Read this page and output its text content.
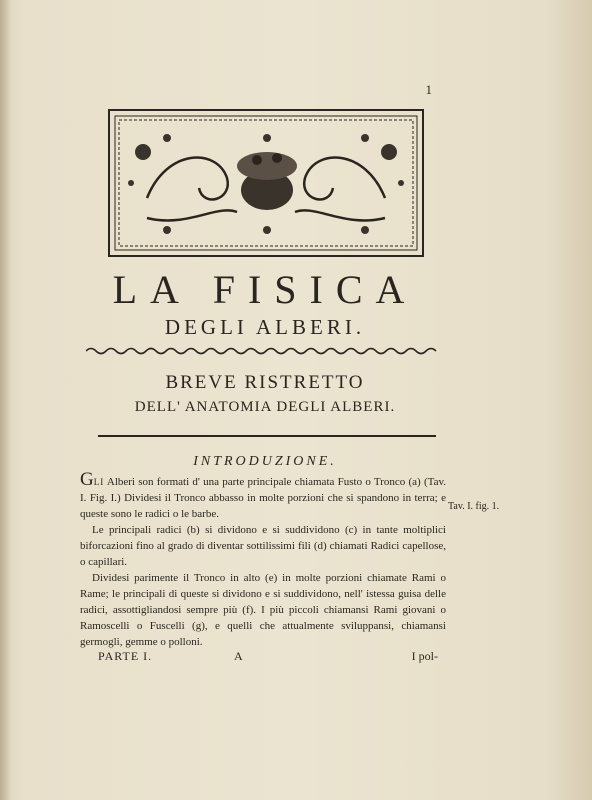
1
LA FISICA
DEGLI ALBERI.
BREVE RISTRETTO
DELL' ANATOMIA DEGLI ALBERI.
INTRODUZIONE.

GLI Alberi son formati d' una parte principale chiamata Fusto o Tronco (a) (Tav. I. Fig. I.) Dividesi il Tronco abbasso in molte porzioni che si spandono in terra; e queste sono le radici o le barbe.

Le principali radici (b) si dividono e si suddividono (c) in tante moltiplici biforcazioni fino al grado di diventar sottilissimi fili (d) chiamati Radici capellose, o capillari.

Dividesi parimente il Tronco in alto (e) in molte porzioni chiamate Rami o Rame; le principali di queste si dividono e si suddividono, nell' istessa guisa delle radici, assottigliandosi sempre più (f). I più piccoli chiamansi Rami giovani o Ramoscelli o Fuscelli (g), e quelli che attualmente sviluppansi, chiamansi germogli, gemme o polloni.

Tav. I. fig. 1.
PARTE I.	A	I pol-
